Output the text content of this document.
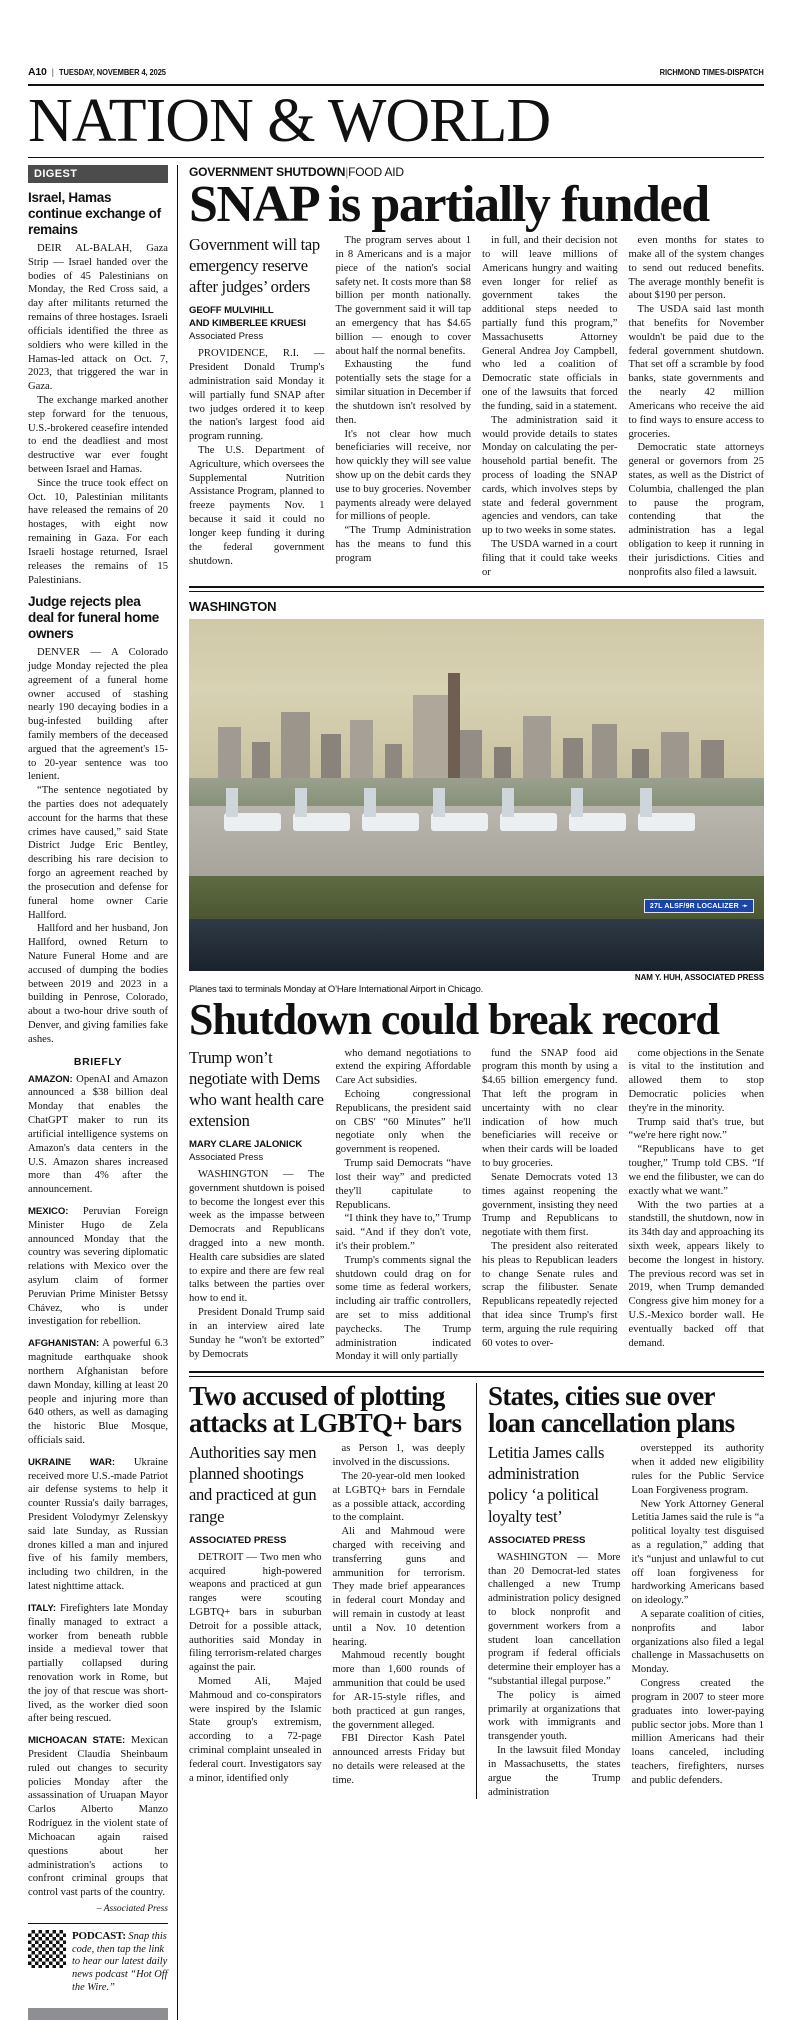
A10 | TUESDAY, NOVEMBER 4, 2025	RICHMOND TIMES-DISPATCH
NATION & WORLD
DIGEST
Israel, Hamas continue exchange of remains

DEIR AL-BALAH, Gaza Strip — Israel handed over the bodies of 45 Palestinians on Monday, the Red Cross said, a day after militants returned the remains of three hostages. Israeli officials identified the three as soldiers who were killed in the Hamas-led attack on Oct. 7, 2023, that triggered the war in Gaza.

The exchange marked another step forward for the tenuous, U.S.-brokered ceasefire intended to end the deadliest and most destructive war ever fought between Israel and Hamas.

Since the truce took effect on Oct. 10, Palestinian militants have released the remains of 20 hostages, with eight now remaining in Gaza. For each Israeli hostage returned, Israel releases the remains of 15 Palestinians.

Judge rejects plea deal for funeral home owners

DENVER — A Colorado judge Monday rejected the plea agreement of a funeral home owner accused of stashing nearly 190 decaying bodies in a bug-infested building after family members of the deceased argued that the agreement's 15- to 20-year sentence was too lenient.

“The sentence negotiated by the parties does not adequately account for the harms that these crimes have caused,” said State District Judge Eric Bentley, describing his rare decision to forgo an agreement reached by the prosecution and defense for funeral home owner Carie Hallford.

Hallford and her husband, Jon Hallford, owned Return to Nature Funeral Home and are accused of dumping the bodies between 2019 and 2023 in a building in Penrose, Colorado, about a two-hour drive south of Denver, and giving families fake ashes.

BRIEFLY

AMAZON: OpenAI and Amazon announced a $38 billion deal Monday that enables the ChatGPT maker to run its artificial intelligence systems on Amazon's data centers in the U.S. Amazon shares increased more than 4% after the announcement.

MEXICO: Peruvian Foreign Minister Hugo de Zela announced Monday that the country was severing diplomatic relations with Mexico over the asylum claim of former Peruvian Prime Minister Betssy Chávez, who is under investigation for rebellion.

AFGHANISTAN: A powerful 6.3 magnitude earthquake shook northern Afghanistan before dawn Monday, killing at least 20 people and injuring more than 640 others, as well as damaging the historic Blue Mosque, officials said.

UKRAINE WAR: Ukraine received more U.S.-made Patriot air defense systems to help it counter Russia's daily barrages, President Volodymyr Zelenskyy said late Sunday, as Russian drones killed a man and injured five of his family members, including two children, in the latest nighttime attack.

ITALY: Firefighters late Monday finally managed to extract a worker from beneath rubble inside a medieval tower that partially collapsed during renovation work in Rome, but the joy of that rescue was short-lived, as the worker died soon after being rescued.

MICHOACAN STATE: Mexican President Claudia Sheinbaum ruled out changes to security policies Monday after the assassination of Uruapan Mayor Carlos Alberto Manzo Rodríguez in the violent state of Michoacan again raised questions about her administration's actions to confront criminal groups that control vast parts of the country.

– Associated Press
PODCAST: Snap this code, then tap the link to hear our latest daily news podcast “Hot Off the Wire.”
GOVERNMENT SHUTDOWN|FOOD AID
SNAP is partially funded
Government will tap emergency reserve after judges’ orders
GEOFF MULVIHILL
AND KIMBERLEE KRUESI
Associated Press

PROVIDENCE, R.I. — President Donald Trump's administration said Monday it will partially fund SNAP after two judges ordered it to keep the nation's largest food aid program running.

The U.S. Department of Agriculture, which oversees the Supplemental Nutrition Assistance Program, planned to freeze payments Nov. 1 because it said it could no longer keep funding it during the federal government shutdown.

The program serves about 1 in 8 Americans and is a major piece of the nation's social safety net. It costs more than $8 billion per month nationally. The government said it will tap an emergency that has $4.65 billion — enough to cover about half the normal benefits.

Exhausting the fund potentially sets the stage for a similar situation in December if the shutdown isn't resolved by then.

It's not clear how much beneficiaries will receive, nor how quickly they will see value show up on the debit cards they use to buy groceries. November payments already were delayed for millions of people.

“The Trump Administration has the means to fund this program

in full, and their decision not to will leave millions of Americans hungry and waiting even longer for relief as government takes the additional steps needed to partially fund this program,” Massachusetts Attorney General Andrea Joy Campbell, who led a coalition of Democratic state officials in one of the lawsuits that forced the funding, said in a statement.

The administration said it would provide details to states Monday on calculating the per-household partial benefit. The process of loading the SNAP cards, which involves steps by state and federal government agencies and vendors, can take up to two weeks in some states.

The USDA warned in a court filing that it could take weeks or

even months for states to make all of the system changes to send out reduced benefits. The average monthly benefit is about $190 per person.

The USDA said last month that benefits for November wouldn't be paid due to the federal government shutdown. That set off a scramble by food banks, state governments and the nearly 42 million Americans who receive the aid to find ways to ensure access to groceries.

Democratic state attorneys general or governors from 25 states, as well as the District of Columbia, challenged the plan to pause the program, contending that the administration has a legal obligation to keep it running in their jurisdictions. Cities and nonprofits also filed a lawsuit.

WASHINGTON
27L ALSF/9R LOCALIZER ➛
NAM Y. HUH, ASSOCIATED PRESS
Planes taxi to terminals Monday at O’Hare International Airport in Chicago.
Shutdown could break record
Trump won’t negotiate with Dems who want health care extension
MARY CLARE JALONICK
Associated Press

WASHINGTON — The government shutdown is poised to become the longest ever this week as the impasse between Democrats and Republicans dragged into a new month. Health care subsidies are slated to expire and there are few real talks between the parties over how to end it.

President Donald Trump said in an interview aired late Sunday he “won't be extorted” by Democrats

who demand negotiations to extend the expiring Affordable Care Act subsidies.

Echoing congressional Republicans, the president said on CBS' “60 Minutes” he'll negotiate only when the government is reopened.

Trump said Democrats “have lost their way” and predicted they'll capitulate to Republicans.

“I think they have to,” Trump said. “And if they don't vote, it's their problem.”

Trump's comments signal the shutdown could drag on for some time as federal workers, including air traffic controllers, are set to miss additional paychecks. The Trump administration indicated Monday it will only partially

fund the SNAP food aid program this month by using a $4.65 billion emergency fund. That left the program in uncertainty with no clear indication of how much beneficiaries will receive or when their cards will be loaded to buy groceries.

Senate Democrats voted 13 times against reopening the government, insisting they need Trump and Republicans to negotiate with them first.

The president also reiterated his pleas to Republican leaders to change Senate rules and scrap the filibuster. Senate Republicans repeatedly rejected that idea since Trump's first term, arguing the rule requiring 60 votes to over-

come objections in the Senate is vital to the institution and allowed them to stop Democratic policies when they're in the minority.

Trump said that's true, but “we're here right now.”

“Republicans have to get tougher,” Trump told CBS. “If we end the filibuster, we can do exactly what we want.”

With the two parties at a standstill, the shutdown, now in its 34th day and approaching its sixth week, appears likely to become the longest in history. The previous record was set in 2019, when Trump demanded Congress give him money for a U.S.-Mexico border wall. He eventually backed off that demand.

Two accused of plotting attacks at LGBTQ+ bars
Authorities say men planned shootings and practiced at gun range
ASSOCIATED PRESS

DETROIT — Two men who acquired high-powered weapons and practiced at gun ranges were scouting LGBTQ+ bars in suburban Detroit for a possible attack, authorities said Monday in filing terrorism-related charges against the pair.

Momed Ali, Majed Mahmoud and co-conspirators were inspired by the Islamic State group's extremism, according to a 72-page criminal complaint unsealed in federal court. Investigators say a minor, identified only

as Person 1, was deeply involved in the discussions.

The 20-year-old men looked at LGBTQ+ bars in Ferndale as a possible attack, according to the complaint.

Ali and Mahmoud were charged with receiving and transferring guns and ammunition for terrorism. They made brief appearances in federal court Monday and will remain in custody at least until a Nov. 10 detention hearing.

Mahmoud recently bought more than 1,600 rounds of ammunition that could be used for AR-15-style rifles, and both practiced at gun ranges, the government alleged.

FBI Director Kash Patel announced arrests Friday but no details were released at the time.

States, cities sue over loan cancellation plans
Letitia James calls administration policy ‘a political loyalty test’
ASSOCIATED PRESS

WASHINGTON — More than 20 Democrat-led states challenged a new Trump administration policy designed to block nonprofit and government workers from a student loan cancellation program if federal officials determine their employer has a “substantial illegal purpose.”

The policy is aimed primarily at organizations that work with immigrants and transgender youth.

In the lawsuit filed Monday in Massachusetts, the states argue the Trump administration

overstepped its authority when it added new eligibility rules for the Public Service Loan Forgiveness program.

New York Attorney General Letitia James said the rule is “a political loyalty test disguised as a regulation,” adding that it's “unjust and unlawful to cut off loan forgiveness for hardworking Americans based on ideology.”

A separate coalition of cities, nonprofits and labor organizations also filed a legal challenge in Massachusetts on Monday.

Congress created the program in 2007 to steer more graduates into lower-paying public sector jobs. More than 1 million Americans had their loans canceled, including teachers, firefighters, nurses and public defenders.
